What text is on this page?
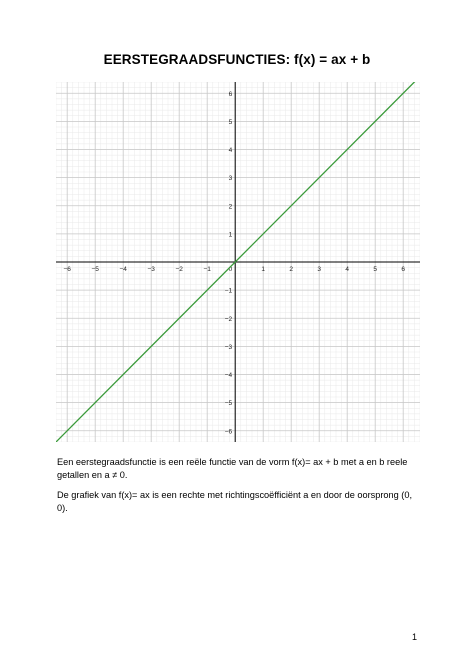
EERSTEGRAADSFUNCTIES: f(x) = ax + b
−6	−5	−4	−3	−2	−1	0	1	2	3	4	5	6
−6
−5
−4
−3
−2
−1
1
2
3
4
5
6
Een eerstegraadsfunctie is een reële functie van de vorm f(x)= ax + b met a en b reele getallen en a ≠ 0.
De grafiek van f(x)= ax is een rechte met richtingscoëfficiënt a en door de oorsprong (0, 0).
1
